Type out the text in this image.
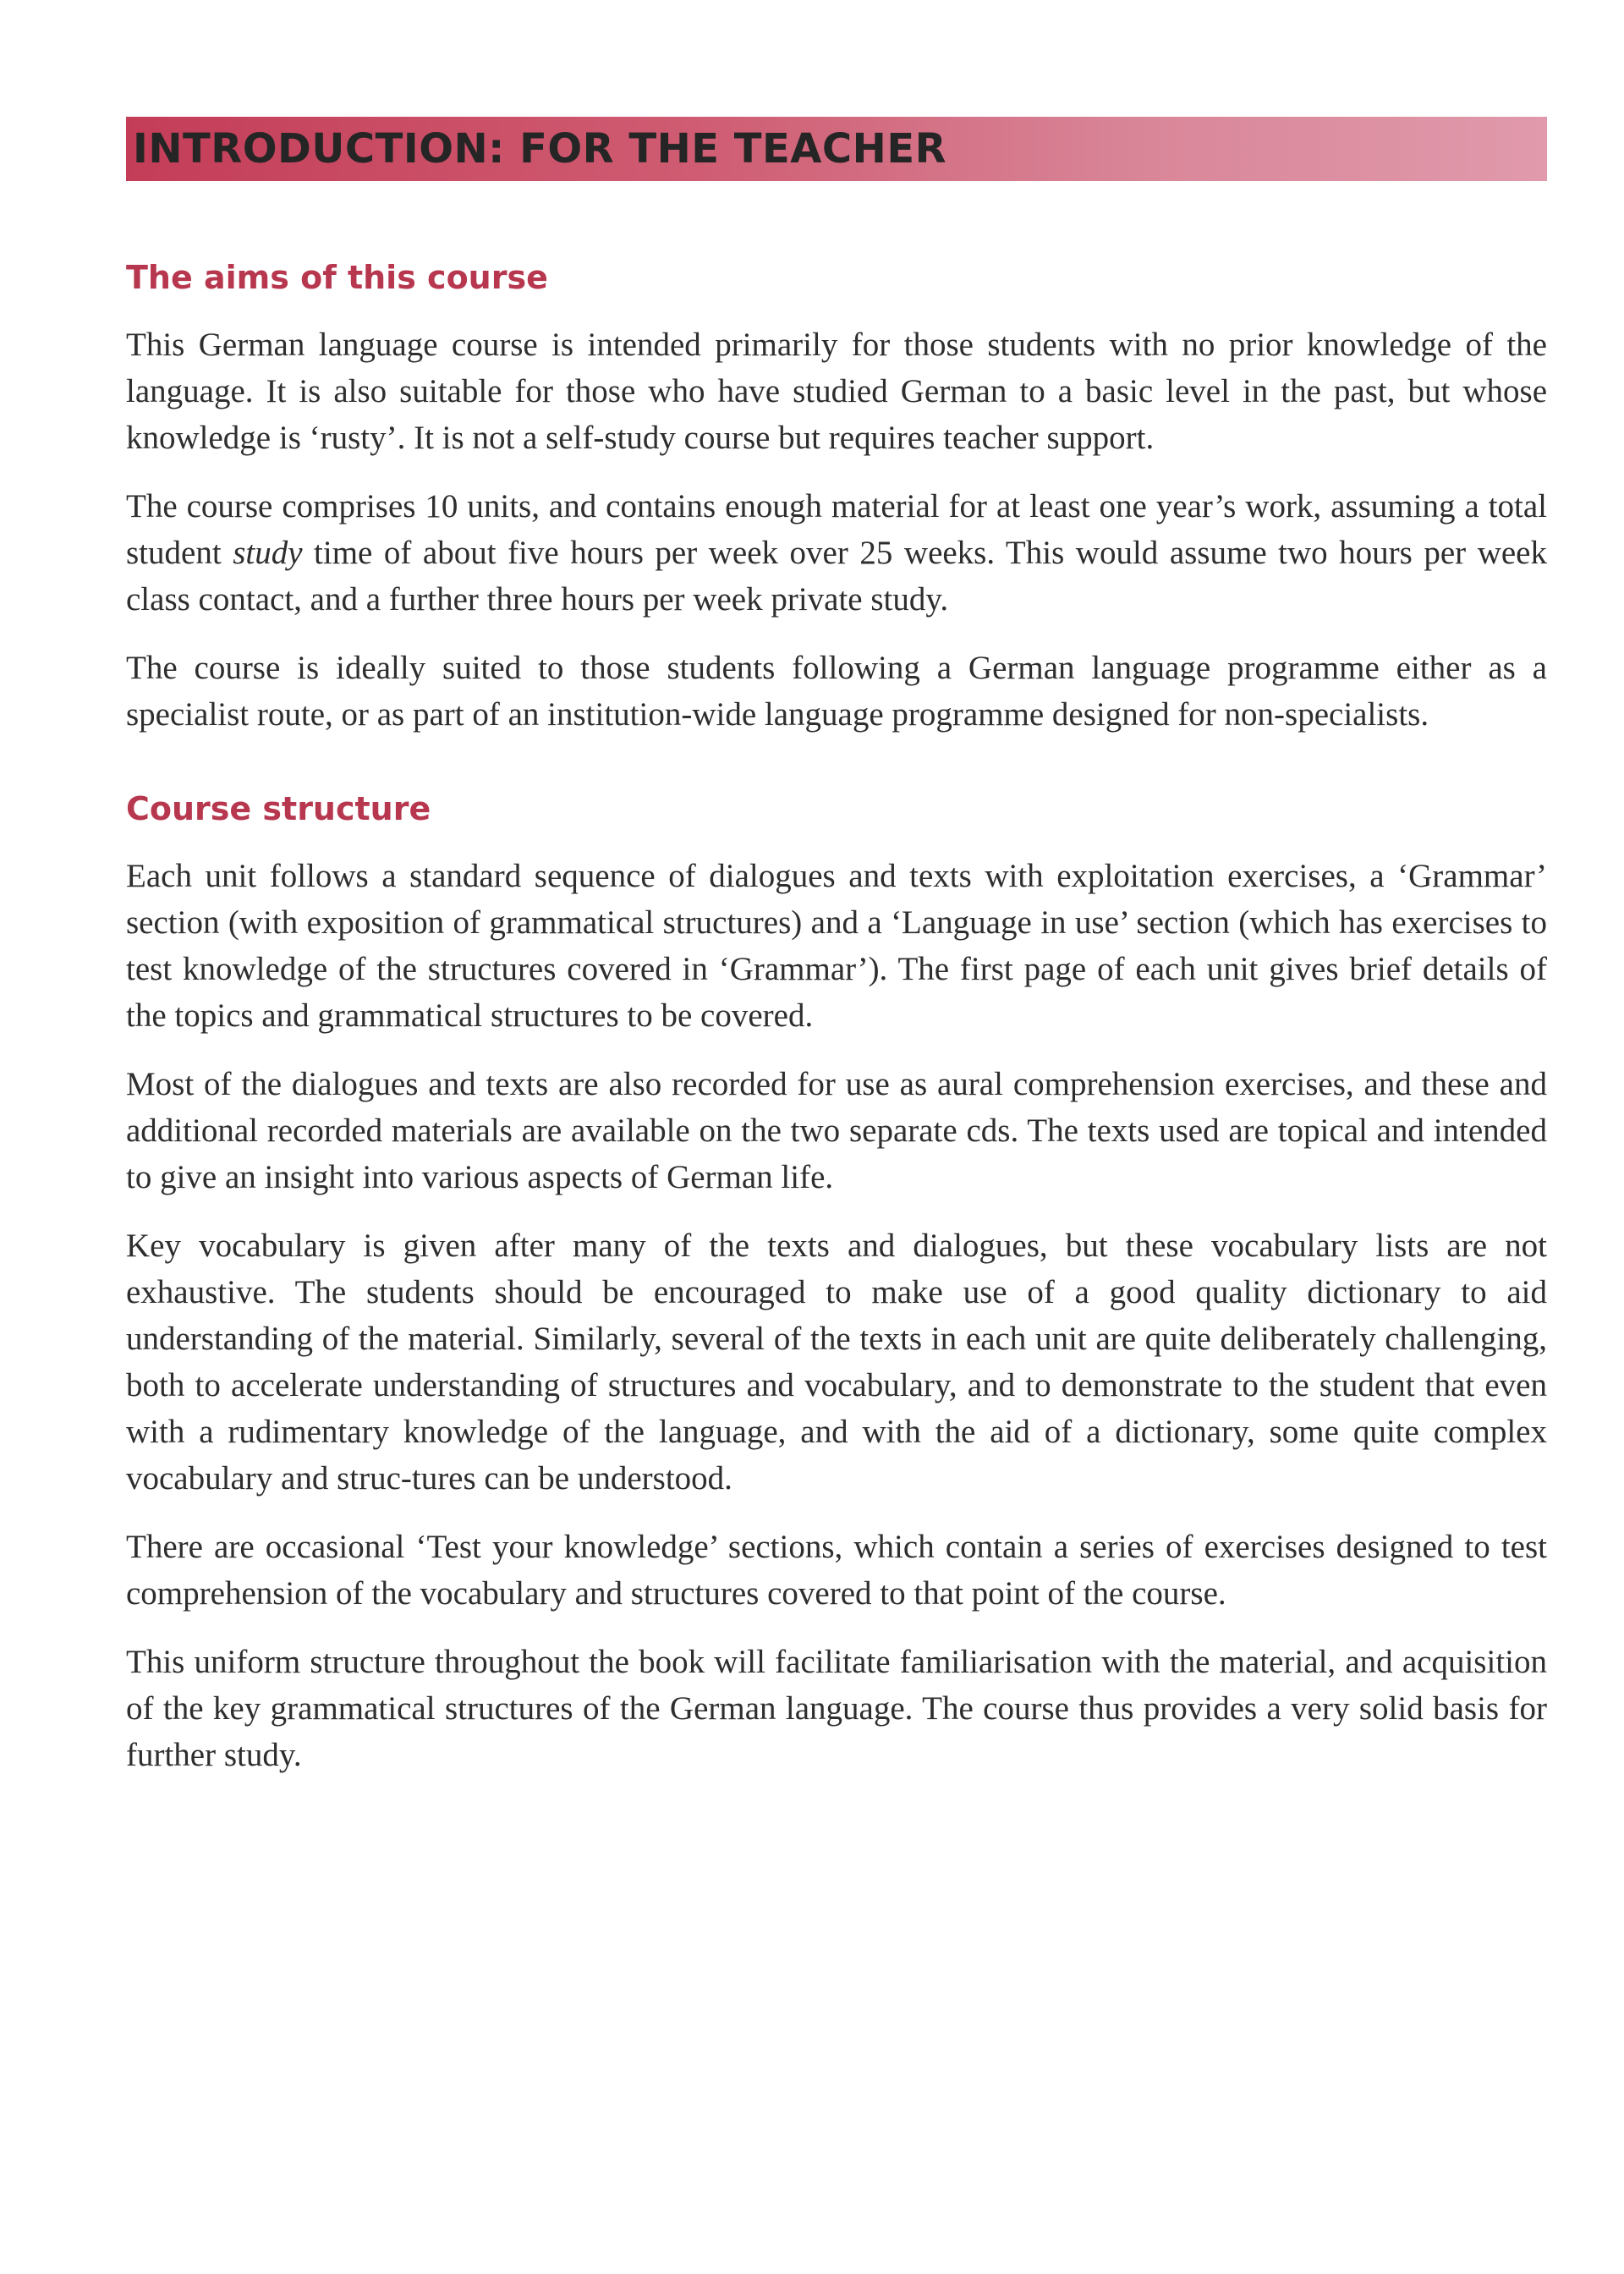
INTRODUCTION: FOR THE TEACHER
The aims of this course

This German language course is intended primarily for those students with no prior knowledge of the language. It is also suitable for those who have studied German to a basic level in the past, but whose knowledge is ‘rusty’. It is not a self-study course but requires teacher support.

The course comprises 10 units, and contains enough material for at least one year’s work, assuming a total student study time of about five hours per week over 25 weeks. This would assume two hours per week class contact, and a further three hours per week private study.

The course is ideally suited to those students following a German language programme either as a specialist route, or as part of an institution-wide language programme designed for non-specialists.

Course structure

Each unit follows a standard sequence of dialogues and texts with exploitation exercises, a ‘Grammar’ section (with exposition of grammatical structures) and a ‘Language in use’ section (which has exercises to test knowledge of the structures covered in ‘Grammar’). The first page of each unit gives brief details of the topics and grammatical structures to be covered.

Most of the dialogues and texts are also recorded for use as aural comprehension exercises, and these and additional recorded materials are available on the two separate cds. The texts used are topical and intended to give an insight into various aspects of German life.

Key vocabulary is given after many of the texts and dialogues, but these vocabulary lists are not exhaustive. The students should be encouraged to make use of a good quality dictionary to aid understanding of the material. Similarly, several of the texts in each unit are quite deliberately challenging, both to accelerate understanding of structures and vocabulary, and to demonstrate to the student that even with a rudimentary knowledge of the language, and with the aid of a dictionary, some quite complex vocabulary and struc-tures can be understood.

There are occasional ‘Test your knowledge’ sections, which contain a series of exercises designed to test comprehension of the vocabulary and structures covered to that point of the course.

This uniform structure throughout the book will facilitate familiarisation with the material, and acquisition of the key grammatical structures of the German language. The course thus provides a very solid basis for further study.
